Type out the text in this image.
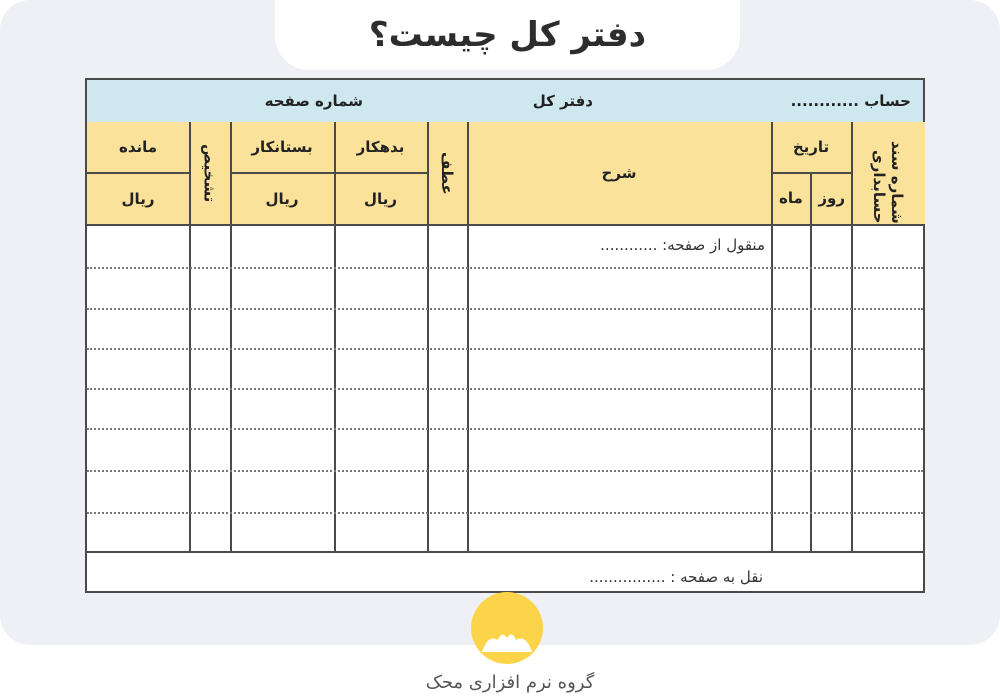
دفتر کل چیست؟
حساب ............
دفتر کل
شماره صفحه
شماره سند حسابداری
تاریخ
روز
ماه
شرح
عطف
بدهکار
ریال
بستانکار
ریال
تشخیص
مانده
ریال
منقول از صفحه: ............
نقل به صفحه : ................
گروه نرم افزاری محک
